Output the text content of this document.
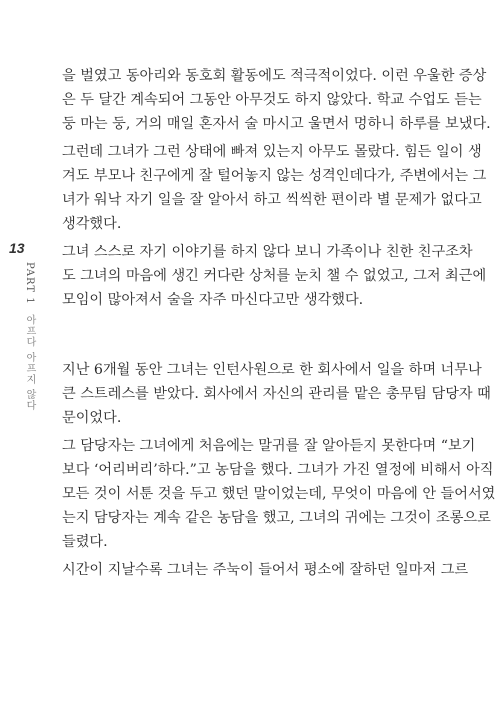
13
PART 1 아프다 아프지 않다
을 벌였고 동아리와 동호회 활동에도 적극적이었다. 이런 우울한 증상
은 두 달간 계속되어 그동안 아무것도 하지 않았다. 학교 수업도 듣는
둥 마는 둥, 거의 매일 혼자서 술 마시고 울면서 멍하니 하루를 보냈다.
그런데 그녀가 그런 상태에 빠져 있는지 아무도 몰랐다. 힘든 일이 생
겨도 부모나 친구에게 잘 털어놓지 않는 성격인데다가, 주변에서는 그
녀가 워낙 자기 일을 잘 알아서 하고 씩씩한 편이라 별 문제가 없다고
생각했다.
그녀 스스로 자기 이야기를 하지 않다 보니 가족이나 친한 친구조차
도 그녀의 마음에 생긴 커다란 상처를 눈치 챌 수 없었고, 그저 최근에
모임이 많아져서 술을 자주 마신다고만 생각했다.
지난 6개월 동안 그녀는 인턴사원으로 한 회사에서 일을 하며 너무나
큰 스트레스를 받았다. 회사에서 자신의 관리를 맡은 총무팀 담당자 때
문이었다.
그 담당자는 그녀에게 처음에는 말귀를 잘 알아듣지 못한다며 “보기
보다 ‘어리버리’하다.”고 농담을 했다. 그녀가 가진 열정에 비해서 아직
모든 것이 서툰 것을 두고 했던 말이었는데, 무엇이 마음에 안 들어서였
는지 담당자는 계속 같은 농담을 했고, 그녀의 귀에는 그것이 조롱으로
들렸다.
시간이 지날수록 그녀는 주눅이 들어서 평소에 잘하던 일마저 그르
